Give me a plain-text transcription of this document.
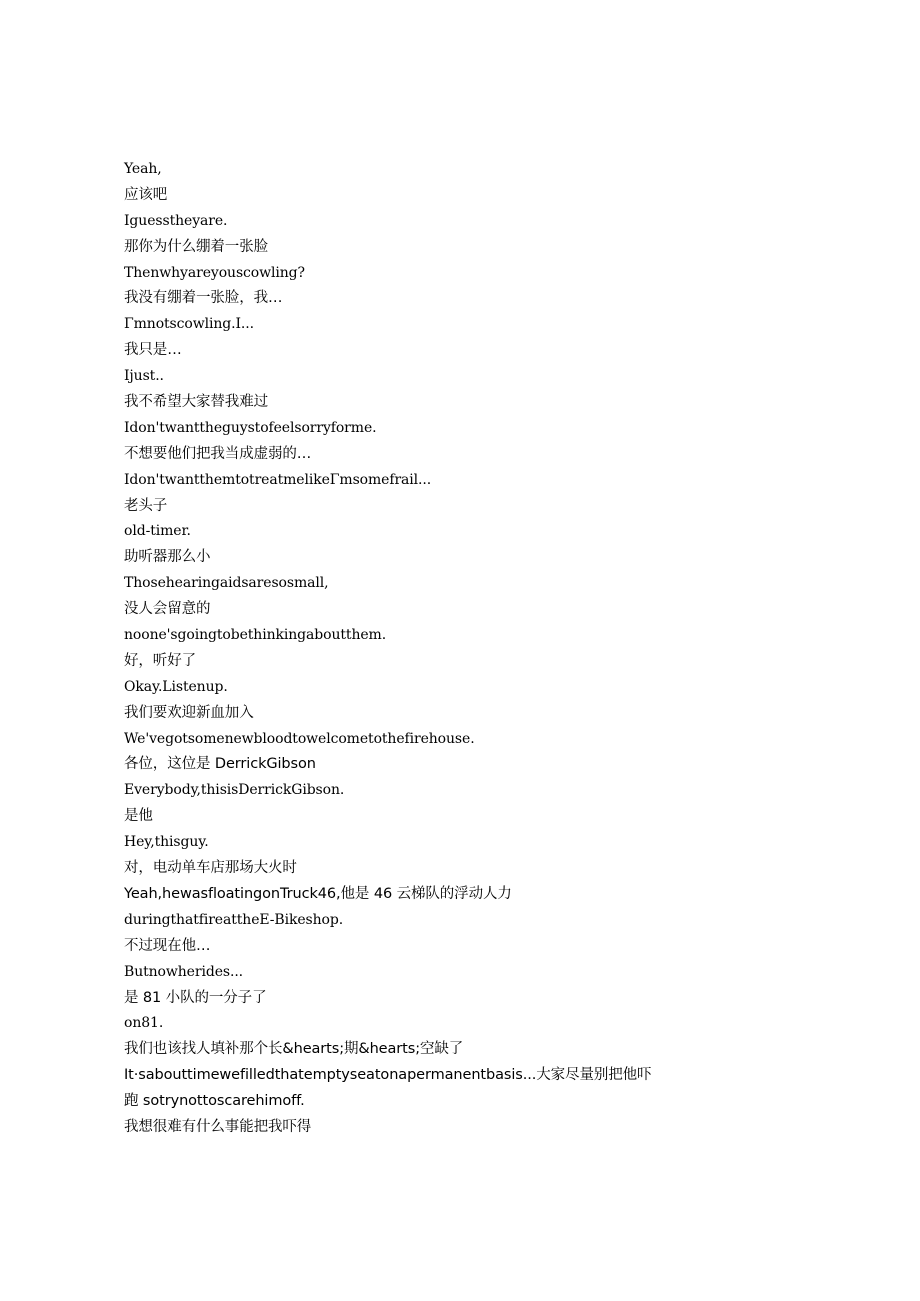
Yeah,
应该吧
Iguesstheyare.
那你为什么绷着一张脸
Thenwhyareyouscowling?
我没有绷着一张脸，我…
Γmnotscowling.I...
我只是…
Ijust..
我不希望大家替我难过
Idon'twanttheguystofeelsorryforme.
不想要他们把我当成虚弱的…
Idon'twantthemtotreatmelikeΓmsomefrail...
老头子
old-timer.
助听器那么小
Thosehearingaidsaresosmall,
没人会留意的
noone'sgoingtobethinkingaboutthem.
好，听好了
Okay.Listenup.
我们要欢迎新血加入
We'vegotsomenewbloodtowelcometothefirehouse.
各位，这位是 DerrickGibson
Everybody,thisisDerrickGibson.
是他
Hey,thisguy.
对，电动单车店那场大火时
Yeah,hewasfloatingonTruck46,他是 46 云梯队的浮动人力
duringthatfireattheE-Bikeshop.
不过现在他…
Butnowherides...
是 81 小队的一分子了
on81.
我们也该找人填补那个长&hearts;期&hearts;空缺了
It·sabouttimewefilledthatemptyseatonapermanentbasis...大家尽量别把他吓
跑 sotrynottoscarehimoff.
我想很难有什么事能把我吓得
